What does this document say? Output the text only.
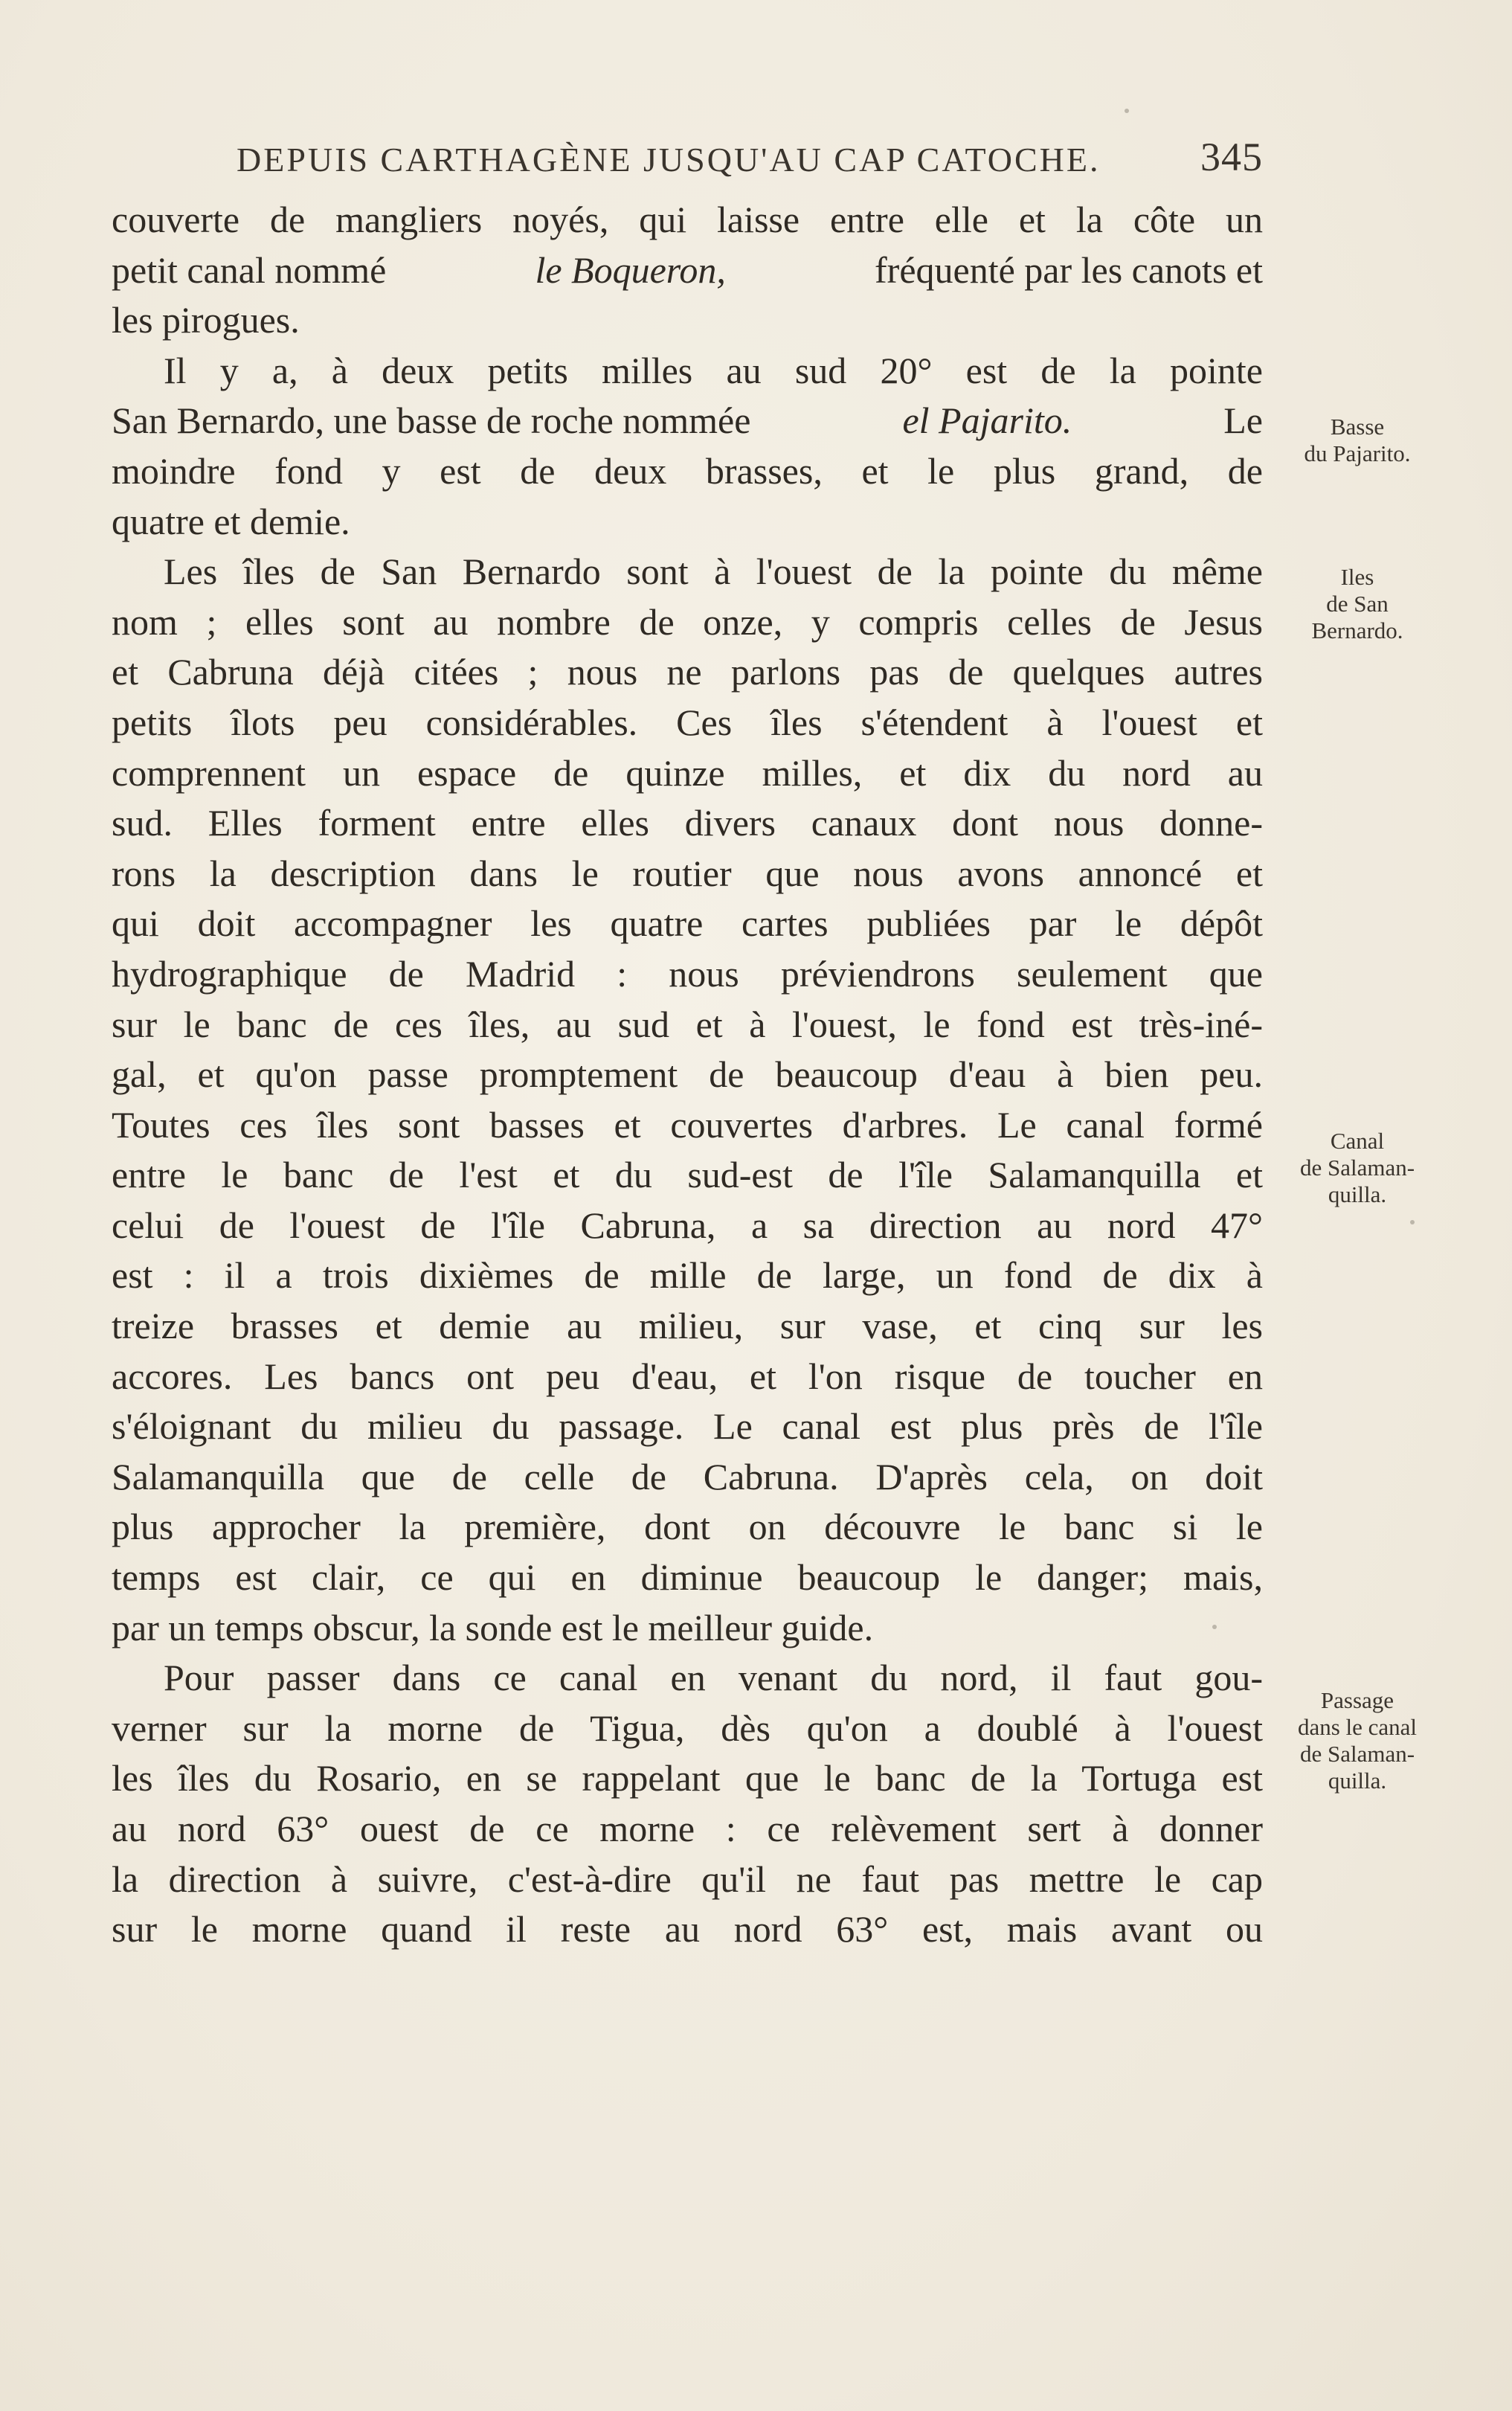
DEPUIS CARTHAGÈNE JUSQU'AU CAP CATOCHE. 345
couverte de mangliers noyés, qui laisse entre elle et la côte un
petit canal nommé	le Boqueron,	fréquenté par les canots et
les pirogues.
Il y a, à deux petits milles au sud 20° est de la pointe
San Bernardo, une basse de roche nommée	el Pajarito.	Le
moindre fond y est de deux brasses, et le plus grand, de
quatre et demie.
Les îles de San Bernardo sont à l'ouest de la pointe du même
nom ; elles sont au nombre de onze, y compris celles de Jesus
et Cabruna déjà citées ; nous ne parlons pas de quelques autres
petits îlots peu considérables. Ces îles s'étendent à l'ouest et
comprennent un espace de quinze milles, et dix du nord au
sud. Elles forment entre elles divers canaux dont nous donne-
rons la description dans le routier que nous avons annoncé et
qui doit accompagner les quatre cartes publiées par le dépôt
hydrographique de Madrid : nous préviendrons seulement que
sur le banc de ces îles, au sud et à l'ouest, le fond est très-iné-
gal, et qu'on passe promptement de beaucoup d'eau à bien peu.
Toutes ces îles sont basses et couvertes d'arbres. Le canal formé
entre le banc de l'est et du sud-est de l'île Salamanquilla et
celui de l'ouest de l'île Cabruna, a sa direction au nord 47°
est : il a trois dixièmes de mille de large, un fond de dix à
treize brasses et demie au milieu, sur vase, et cinq sur les
accores. Les bancs ont peu d'eau, et l'on risque de toucher en
s'éloignant du milieu du passage. Le canal est plus près de l'île
Salamanquilla que de celle de Cabruna. D'après cela, on doit
plus approcher la première, dont on découvre le banc si le
temps est clair, ce qui en diminue beaucoup le danger; mais,
par un temps obscur, la sonde est le meilleur guide.
Pour passer dans ce canal en venant du nord, il faut gou-
verner sur la morne de Tigua, dès qu'on a doublé à l'ouest
les îles du Rosario, en se rappelant que le banc de la Tortuga est
au nord 63° ouest de ce morne : ce relèvement sert à donner
la direction à suivre, c'est-à-dire qu'il ne faut pas mettre le cap
sur le morne quand il reste au nord 63° est, mais avant ou
Basse
du Pajarito.
Iles
de San
Bernardo.
Canal
de Salaman-
quilla.
Passage
dans le canal
de Salaman-
quilla.
